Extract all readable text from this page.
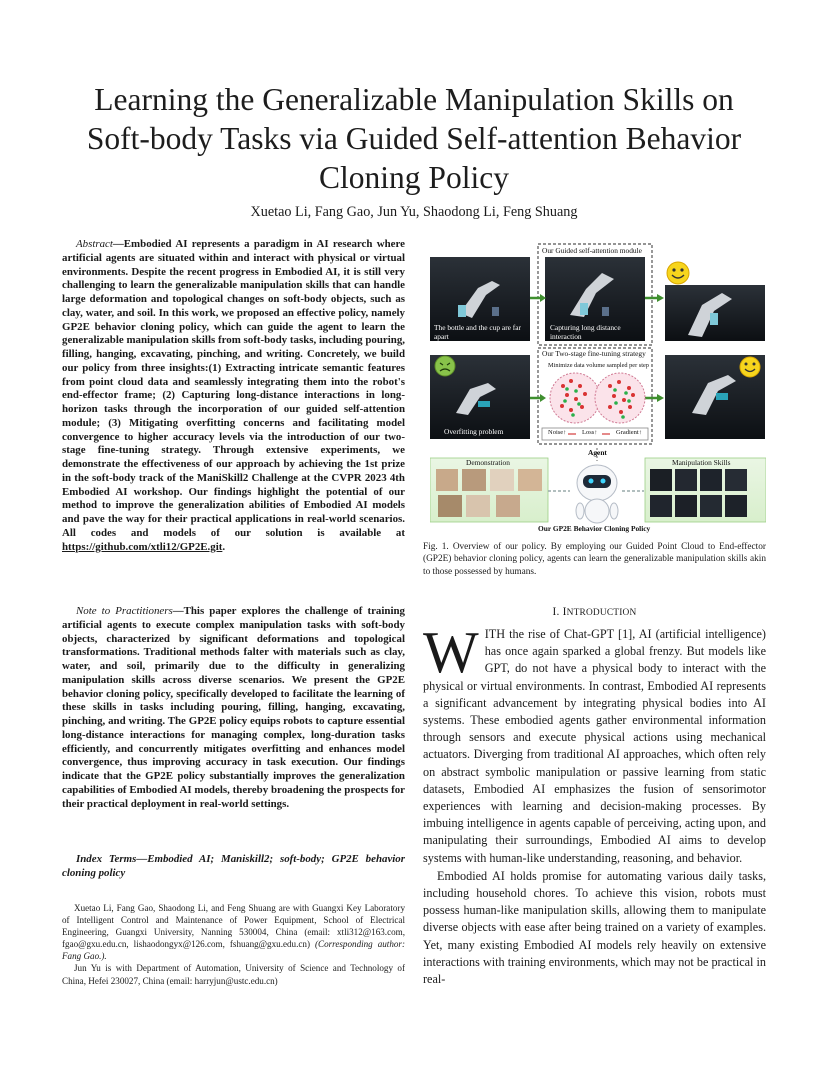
Learning the Generalizable Manipulation Skills on Soft-body Tasks via Guided Self-attention Behavior Cloning Policy
Xuetao Li, Fang Gao, Jun Yu, Shaodong Li, Feng Shuang
Abstract—Embodied AI represents a paradigm in AI research where artificial agents are situated within and interact with physical or virtual environments. Despite the recent progress in Embodied AI, it is still very challenging to learn the generalizable manipulation skills that can handle large deformation and topological changes on soft-body objects, such as clay, water, and soil. In this work, we proposed an effective policy, namely GP2E behavior cloning policy, which can guide the agent to learn the generalizable manipulation skills from soft-body tasks, including pouring, filling, hanging, excavating, pinching, and writing. Concretely, we build our policy from three insights:(1) Extracting intricate semantic features from point cloud data and seamlessly integrating them into the robot's end-effector frame; (2) Capturing long-distance interactions in long-horizon tasks through the incorporation of our guided self-attention module; (3) Mitigating overfitting concerns and facilitating model convergence to higher accuracy levels via the introduction of our two-stage fine-tuning strategy. Through extensive experiments, we demonstrate the effectiveness of our approach by achieving the 1st prize in the soft-body track of the ManiSkill2 Challenge at the CVPR 2023 4th Embodied AI workshop. Our findings highlight the potential of our method to improve the generalization abilities of Embodied AI models and pave the way for their practical applications in real-world scenarios. All codes and models of our solution is available at https://github.com/xtli12/GP2E.git.
Note to Practitioners—This paper explores the challenge of training artificial agents to execute complex manipulation tasks with soft-body objects, characterized by significant deformations and topological transformations. Traditional methods falter with materials such as clay, water, and soil, primarily due to the difficulty in generalizing manipulation skills across diverse scenarios. We present the GP2E behavior cloning policy, specifically developed to facilitate the learning of these skills in tasks including pouring, filling, hanging, excavating, pinching, and writing. The GP2E policy equips robots to capture essential long-distance interactions for managing complex, long-duration tasks efficiently, and concurrently mitigates overfitting and enhances model convergence, thus improving accuracy in task execution. Our findings indicate that the GP2E policy substantially improves the generalization capabilities of Embodied AI models, thereby broadening the prospects for their practical deployment in real-world settings.
Index Terms—Embodied AI; Maniskill2; soft-body; GP2E behavior cloning policy

Xuetao Li, Fang Gao, Shaodong Li, and Feng Shuang are with Guangxi Key Laboratory of Intelligent Control and Maintenance of Power Equipment, School of Electrical Engineering, Guangxi University, Nanning 530004, China (email: xtli312@163.com, fgao@gxu.edu.cn, lishaodongyx@126.com, fshuang@gxu.edu.cn) (Corresponding author: Fang Gao.).

Jun Yu is with Department of Automation, University of Science and Technology of China, Hefei 230027, China (email: harryjun@ustc.edu.cn)

Our Guided self-attention module
The bottle and the cup are far apart
Capturing long distance interaction
Our Two-stage fine-tuning strategy
Minimize data volume sampled per step
Overfitting problem	Noise↑	Loss↑	Gradient↑
Agent
Demonstration	Manipulation Skills
Our GP2E Behavior Cloning Policy
Fig. 1. Overview of our policy. By employing our Guided Point Cloud to End-effector (GP2E) behavior cloning policy, agents can learn the generalizable manipulation skills akin to those possessed by humans.
I. INTRODUCTION

WITH the rise of Chat-GPT [1], AI (artificial intelligence) has once again sparked a global frenzy. But models like GPT, do not have a physical body to interact with the physical or virtual environments. In contrast, Embodied AI represents a significant advancement by integrating physical bodies into AI systems. These embodied agents gather environmental information through sensors and execute physical actions using mechanical actuators. Diverging from traditional AI approaches, which often rely on abstract symbolic manipulation or passive learning from static datasets, Embodied AI emphasizes the fusion of sensorimotor experiences with learning and decision-making processes. By imbuing intelligence in agents capable of perceiving, acting upon, and manipulating their surroundings, Embodied AI aims to develop systems with human-like understanding, reasoning, and behavior.

Embodied AI holds promise for automating various daily tasks, including household chores. To achieve this vision, robots must possess human-like manipulation skills, allowing them to manipulate diverse objects with ease after being trained on a variety of examples. Yet, many existing Embodied AI models rely heavily on extensive interactions with training environments, which may not be practical in real-
